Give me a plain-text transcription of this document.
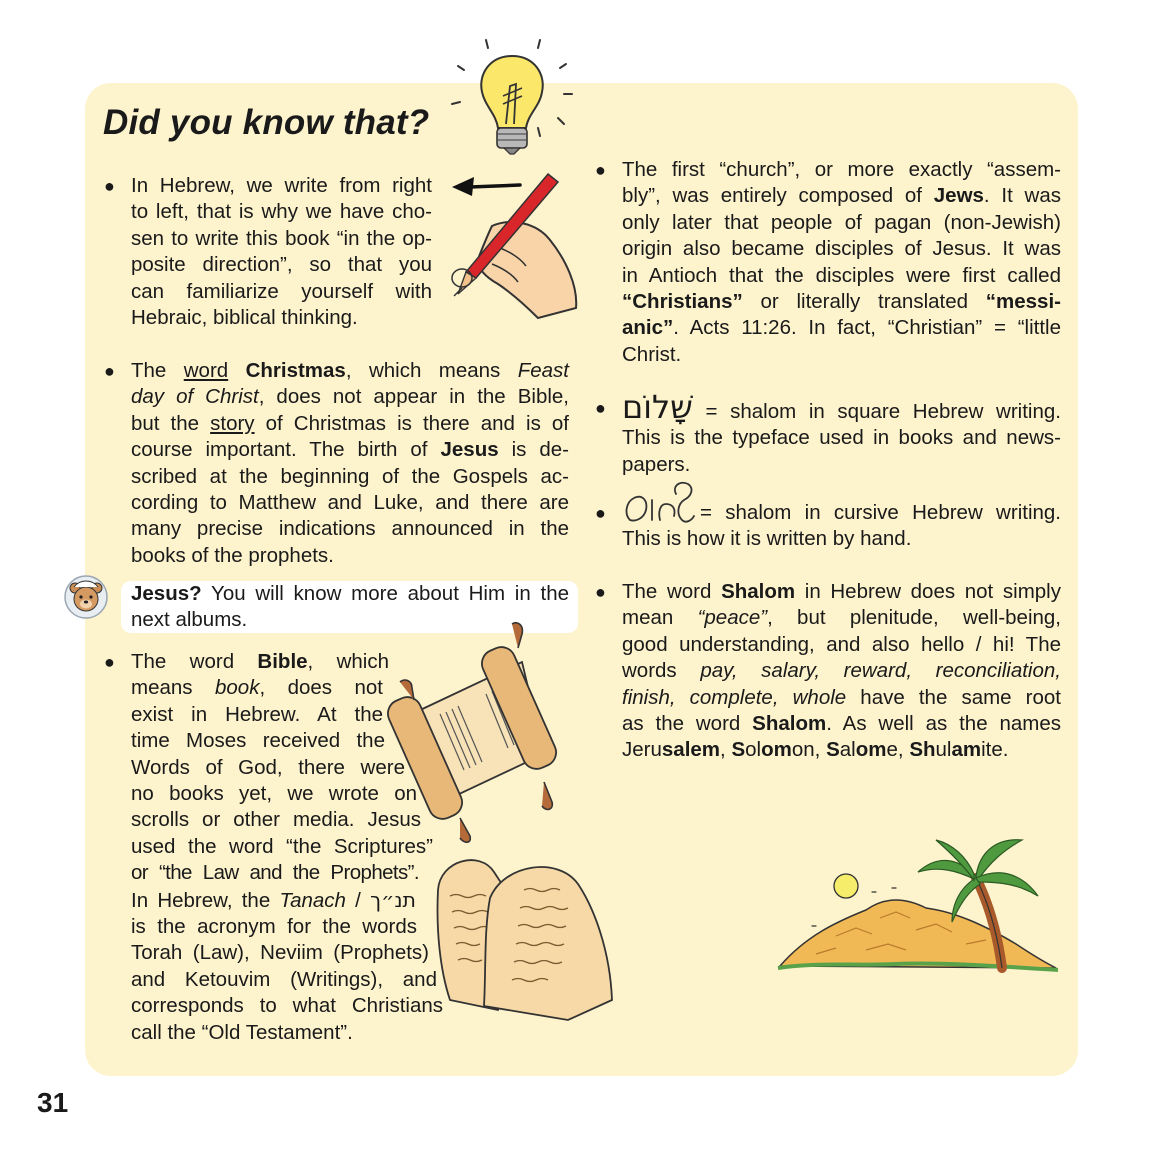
Did you know that?
● In Hebrew, we write from right
to left, that is why we have cho-
sen to write this book “in the op-
posite direction”, so that you
can familiarize yourself with
Hebraic, biblical thinking.
● The word Christmas, which means Feast
day of Christ, does not appear in the Bible,
but the story of Christmas is there and is of
course important. The birth of Jesus is de-
scribed at the beginning of the Gospels ac-
cording to Matthew and Luke, and there are
many precise indications announced in the
books of the prophets.
Jesus? You will know more about Him in the
next albums.
● The word Bible, which
means book, does not
exist in Hebrew. At the
time Moses received the
Words of God, there were
no books yet, we wrote on
scrolls or other media. Jesus
used the word “the Scriptures”
or “the Law and the Prophets”.
In Hebrew, the Tanach / תנ״ך
is the acronym for the words
Torah (Law), Neviim (Prophets)
and Ketouvim (Writings), and
corresponds to what Christians
call the “Old Testament”.
● The first “church”, or more exactly “assem-
bly”, was entirely composed of Jews. It was
only later that people of pagan (non-Jewish)
origin also became disciples of Jesus. It was
in Antioch that the disciples were first called
“Christians” or literally translated “messi-
anic”. Acts 11:26. In fact, “Christian” = “little
Christ.
● שָׁלוֹם = shalom in square Hebrew writing.
This is the typeface used in books and news-
papers.
●	= shalom in cursive Hebrew writing.
This is how it is written by hand.
● The word Shalom in Hebrew does not simply
mean “peace”, but plenitude, well-being,
good understanding, and also hello / hi! The
words pay, salary, reward, reconciliation,
finish, complete, whole have the same root
as the word Shalom. As well as the names
Jerusalem, Solomon, Salome, Shulamite.
31
